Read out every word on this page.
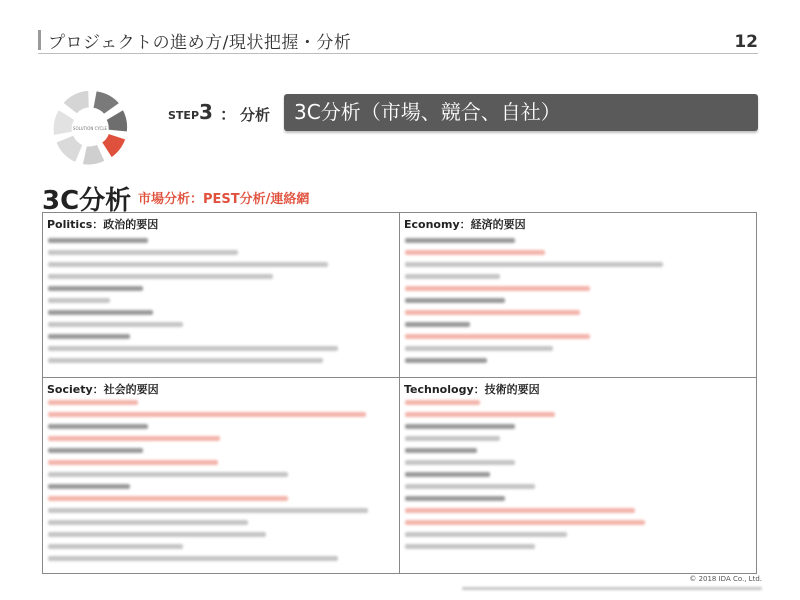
プロジェクトの進め方/現状把握・分析	12
SOLUTION CYCLE
STEP3 ： 分析	3C分析（市場、競合、自社）
3C分析 市場分析：PEST分析/連絡網
Politics：政治的要因	Economy：経済的要因
Society：社会的要因	Technology：技術的要因
© 2018 IDA Co., Ltd.
